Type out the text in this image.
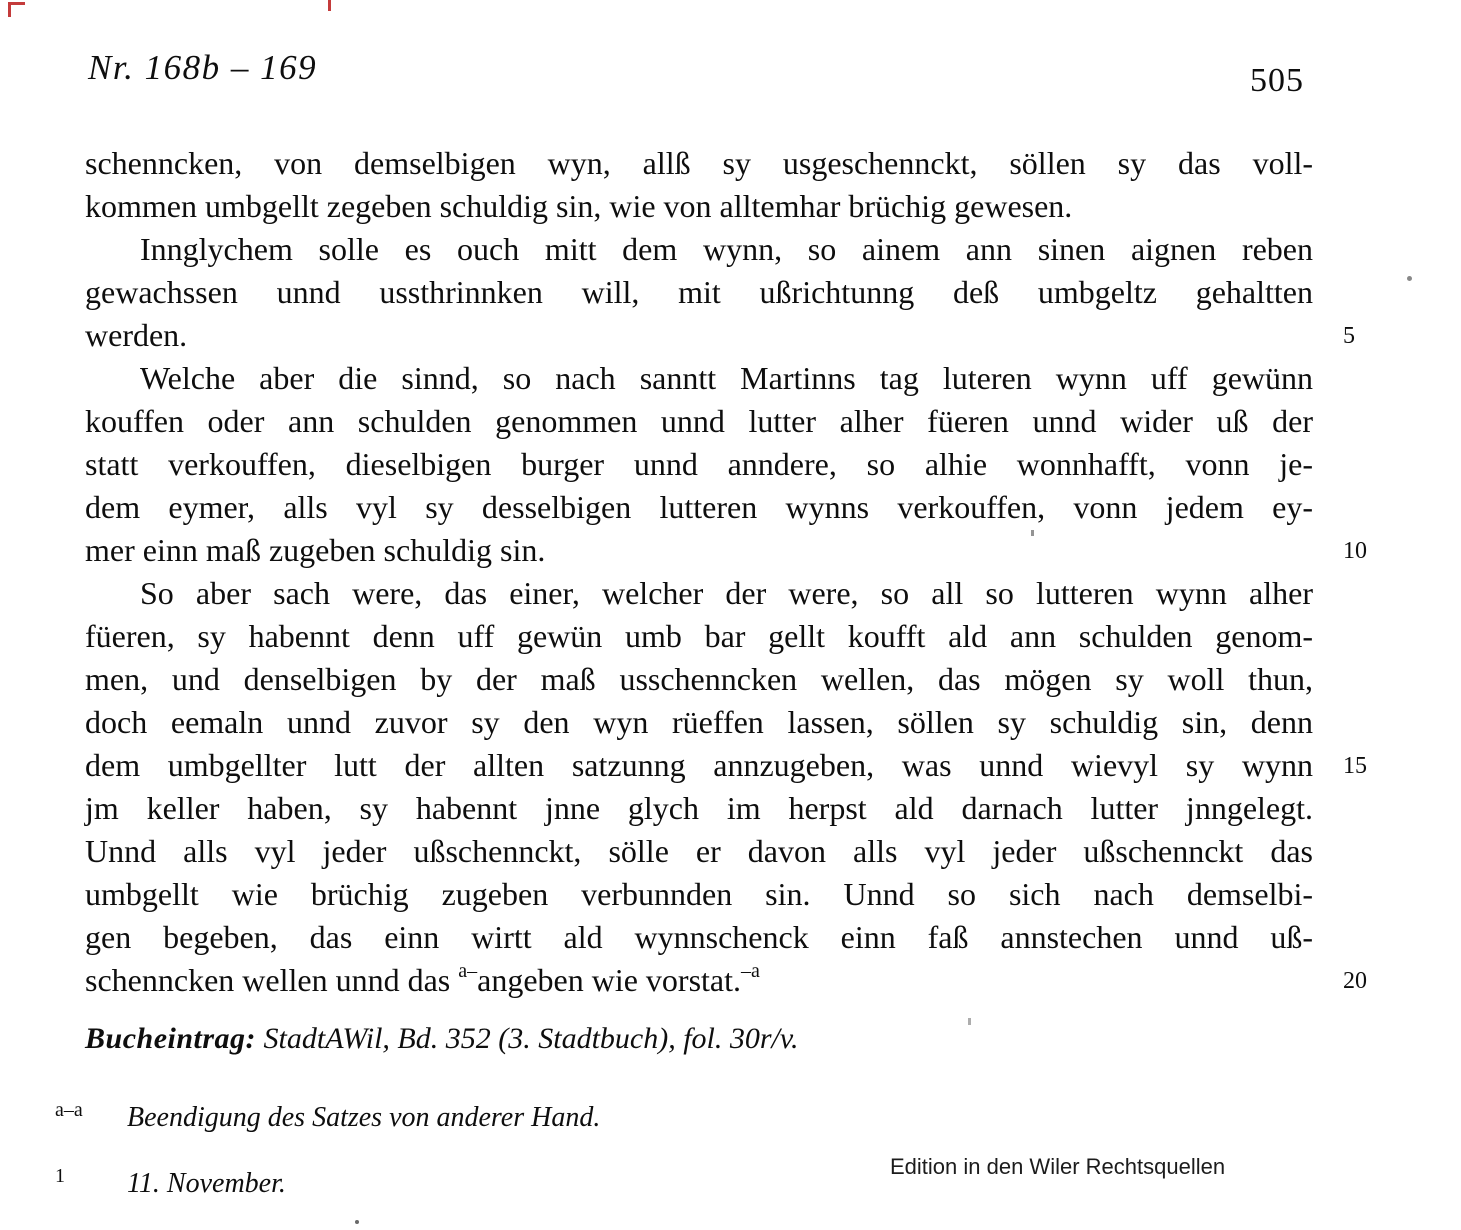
Nr. 168b – 169	505
schenncken, von demselbigen wyn, allß sy usgeschennckt, söllen sy das voll-
kommen umbgellt zegeben schuldig sin, wie von alltemhar brüchig gewesen.
Innglychem solle es ouch mitt dem wynn, so ainem ann sinen aignen reben
gewachssen unnd ussthrinnken will, mit ußrichtunng deß umbgeltz gehaltten
werden.	5
Welche aber die sinnd, so nach sanntt Martinns tag luteren wynn uff gewünn
kouffen oder ann schulden genommen unnd lutter alher füeren unnd wider uß der
statt verkouffen, dieselbigen burger unnd anndere, so alhie wonnhafft, vonn je-
dem eymer, alls vyl sy desselbigen lutteren wynns verkouffen, vonn jedem ey-
mer einn maß zugeben schuldig sin.	10
So aber sach were, das einer, welcher der were, so all so lutteren wynn alher
füeren, sy habennt denn uff gewün umb bar gellt koufft ald ann schulden genom-
men, und denselbigen by der maß usschenncken wellen, das mögen sy woll thun,
doch eemaln unnd zuvor sy den wyn rüeffen lassen, söllen sy schuldig sin, denn
dem umbgellter lutt der allten satzunng annzugeben, was unnd wievyl sy wynn 15
jm keller haben, sy habennt jnne glych im herpst ald darnach lutter jnngelegt.
Unnd alls vyl jeder ußschennckt, sölle er davon alls vyl jeder ußschennckt das
umbgellt wie brüchig zugeben verbunnden sin. Unnd so sich nach demselbi-
gen begeben, das einn wirtt ald wynnschenck einn faß annstechen unnd uß-
schenncken wellen unnd das $^{a-}$angeben wie vorstat.$^{-a}$	20
Bucheintrag: StadtAWil, Bd. 352 (3. Stadtbuch), fol. 30r/v.
a–a Beendigung des Satzes von anderer Hand.
1 11. November.
Edition in den Wiler Rechtsquellen
